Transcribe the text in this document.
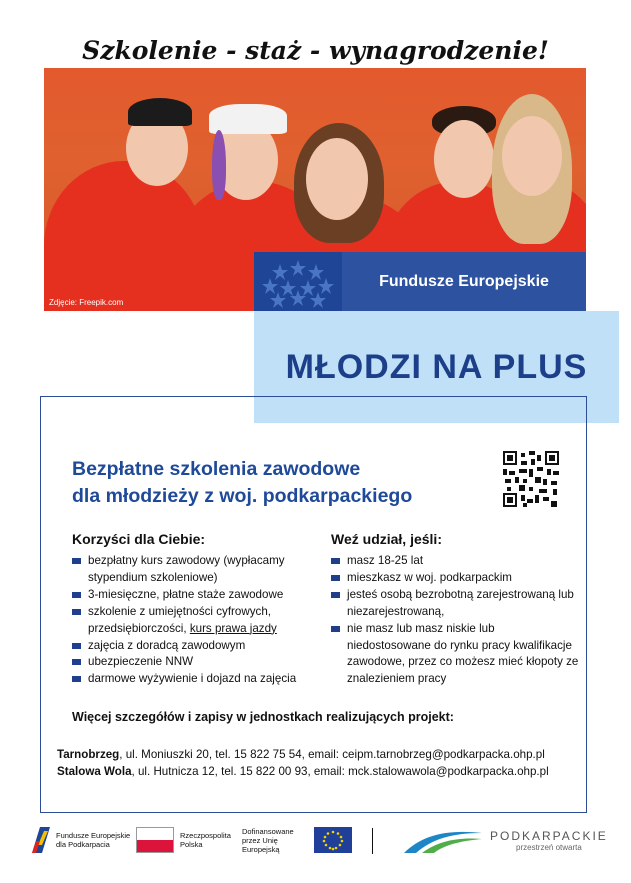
Szkolenie - staż - wynagrodzenie!
Zdjęcie: Freepik.com
Fundusze Europejskie
MŁODZI NA PLUS
Bezpłatne szkolenia zawodowe
dla młodzieży z woj. podkarpackiego
Korzyści dla Ciebie:
bezpłatny kurs zawodowy (wypłacamy stypendium szkoleniowe)
3-miesięczne, płatne staże zawodowe
szkolenie z umiejętności cyfrowych, przedsiębiorczości, kurs prawa jazdy
zajęcia z doradcą zawodowym
ubezpieczenie NNW
darmowe wyżywienie i dojazd na zajęcia
Weź udział, jeśli:
masz 18-25 lat
mieszkasz w woj. podkarpackim
jesteś osobą bezrobotną zarejestrowaną lub niezarejestrowaną,
nie masz lub masz niskie lub niedostosowane do rynku pracy kwalifikacje zawodowe, przez co możesz mieć kłopoty ze znalezieniem pracy
Więcej szczegółów i zapisy w jednostkach realizujących projekt:
Tarnobrzeg, ul. Moniuszki 20, tel. 15 822 75 54, email: ceipm.tarnobrzeg@podkarpacka.ohp.pl
Stalowa Wola, ul. Hutnicza 12, tel. 15 822 00 93, email: mck.stalowawola@podkarpacka.ohp.pl
Fundusze Europejskie dla Podkarpacia
Rzeczpospolita Polska
Dofinansowane przez Unię Europejską
PODKARPACKIE
przestrzeń otwarta
